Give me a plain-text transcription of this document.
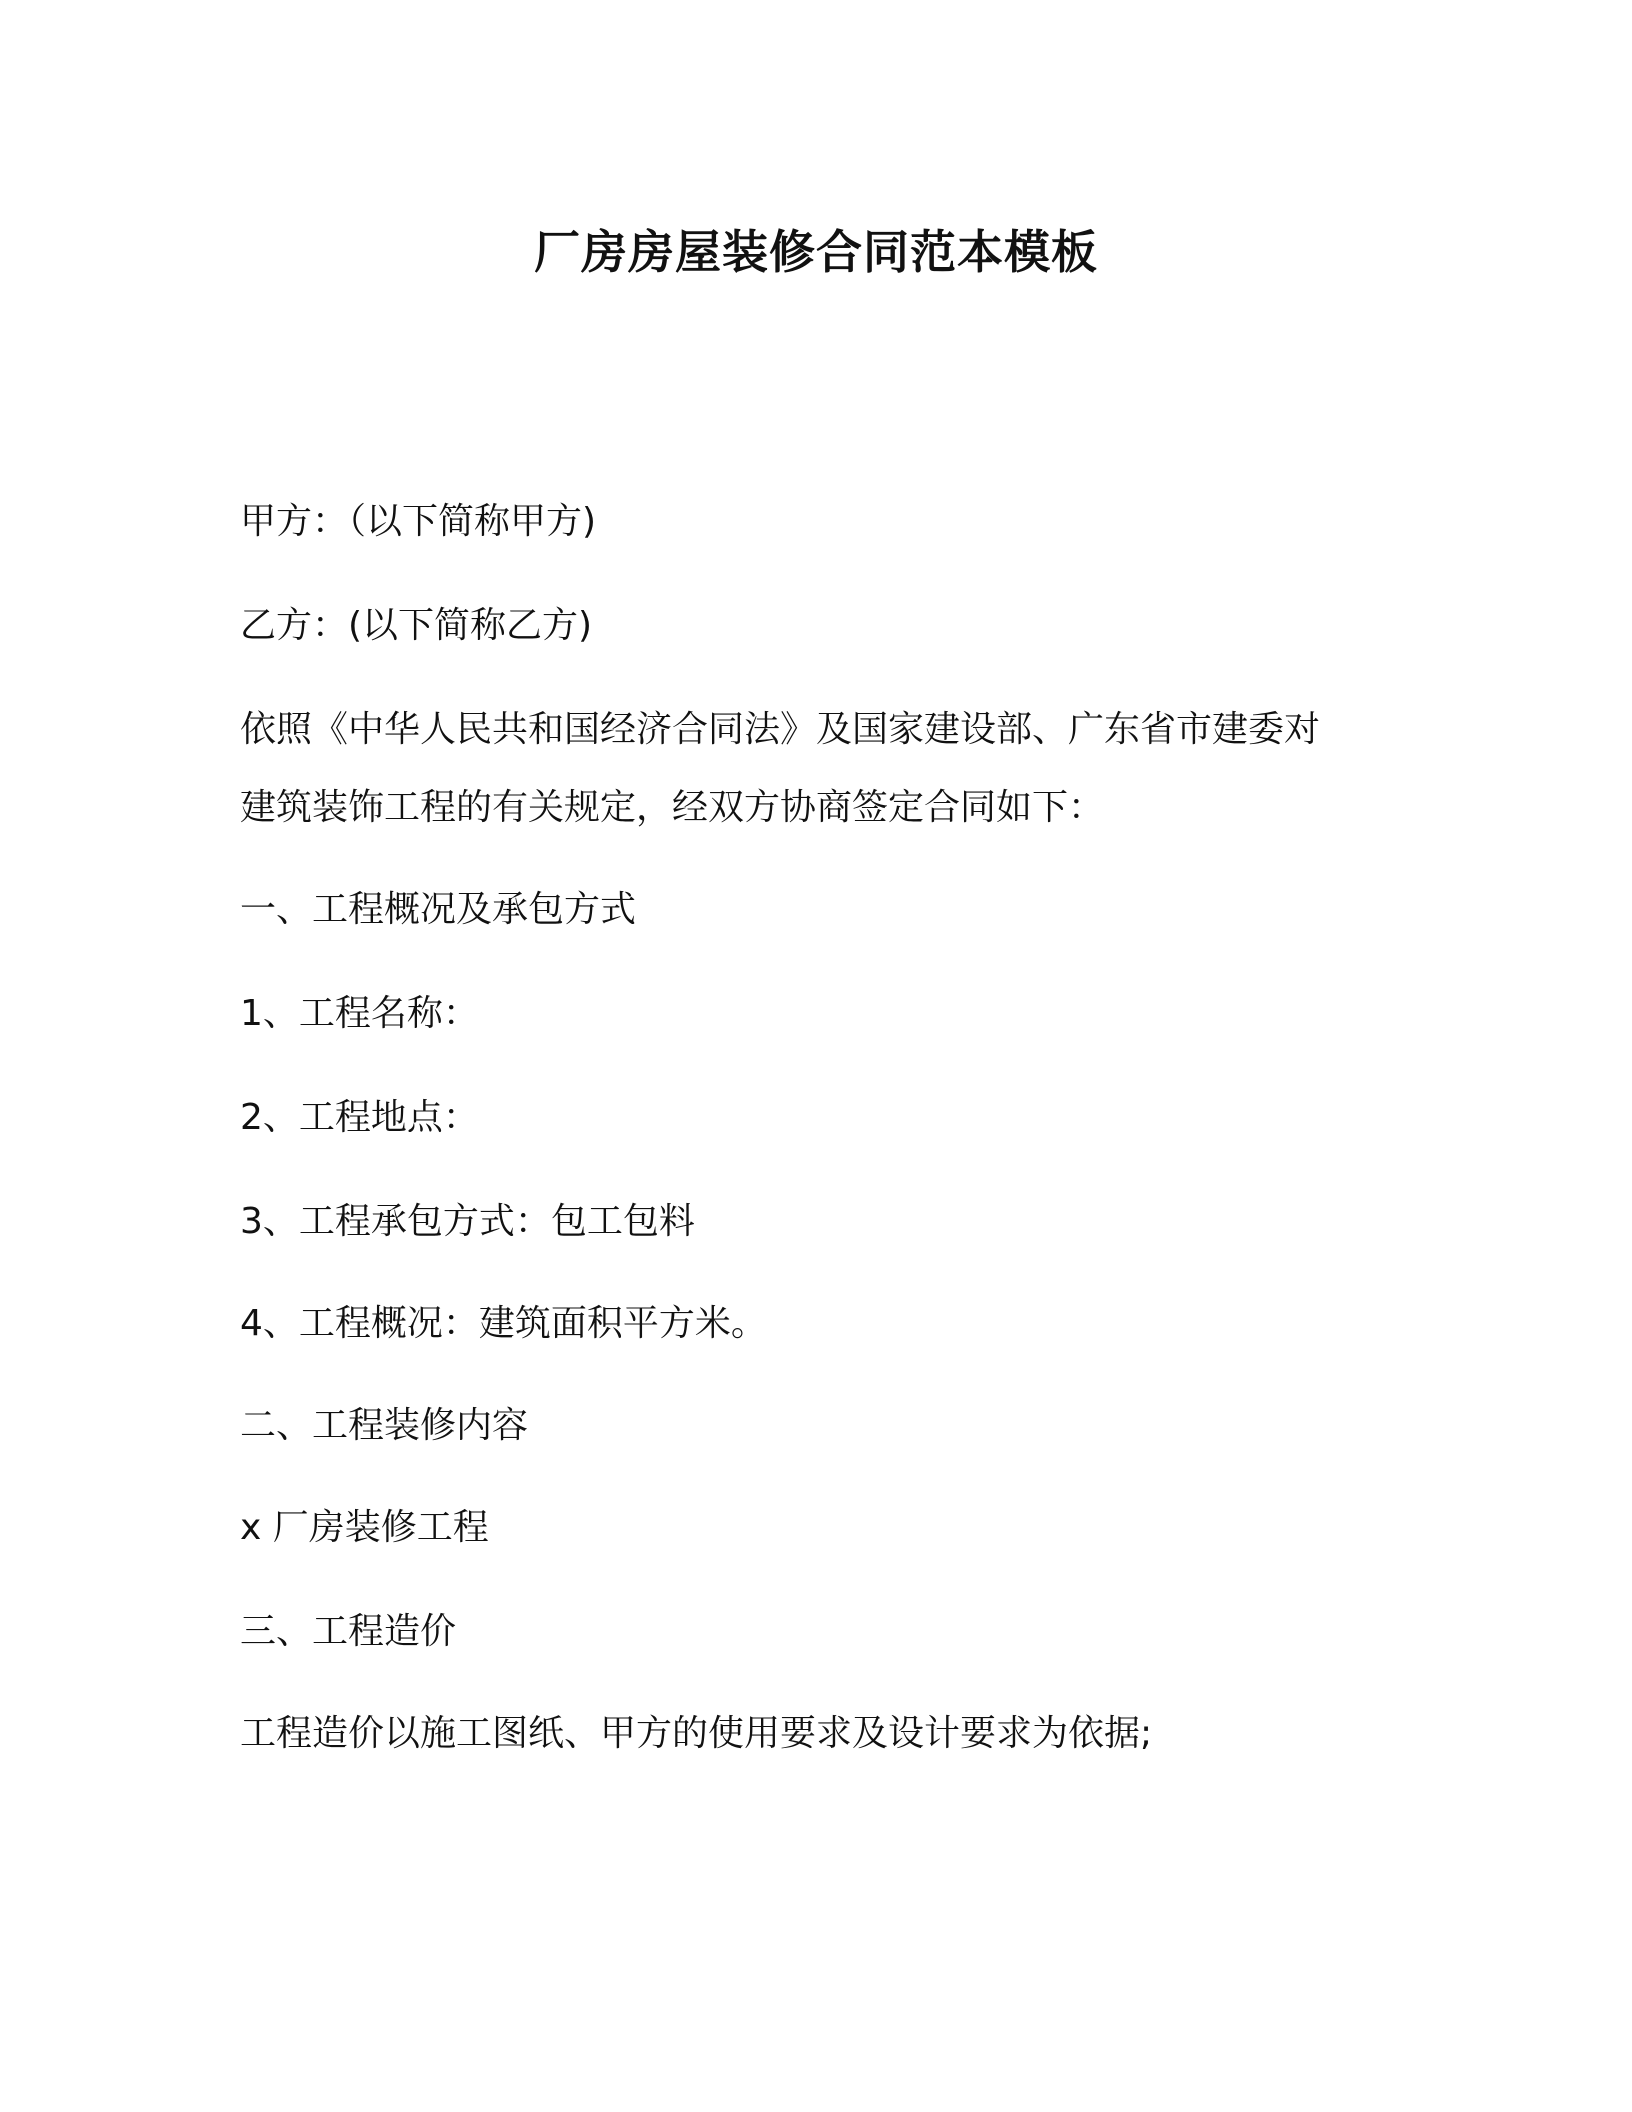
厂房房屋装修合同范本模板

甲方：（以下简称甲方)

乙方：(以下简称乙方)

依照《中华人民共和国经济合同法》及国家建设部、广东省市建委对

建筑装饰工程的有关规定，经双方协商签定合同如下：

一、工程概况及承包方式

1、工程名称：

2、工程地点：

3、工程承包方式：包工包料

4、工程概况：建筑面积平方米。

二、工程装修内容

x 厂房装修工程

三、工程造价

工程造价以施工图纸、甲方的使用要求及设计要求为依据;
